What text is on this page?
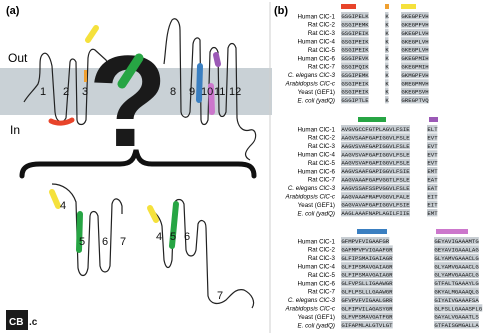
(a)
Out
In ?
1 2 3	8 9 10 11 12
4
5 6 7	4 5 6
7
CB .c
(b) Human ClC-1 GSGIPELK	K GKEGPFVH
Rat ClC-2 GSGIPEMK	K GKEGPFVH
Rat ClC-3 GSGIPEIK	K GKEGPLVH
Human ClC-4 GSGIPEIK	K GKEGPLVH
Rat ClC-5 GSGIPEIK	K GKEGPLVH
Human ClC-6 GSGIPEVK	K GKEGPMIH
Rat ClC-7 GSGIPQIK	K GKEGPMIH
C. elegans ClC-3 GSGIPEMK	K GKMGPFVH
Arabidopsis ClC-c GSGIPEIK	K GREGPMVH
Yeast (GEF1) GSGIPEIK	K GKEGPSVH
E. coli (yadQ) GSGIPTLE	K GREGPTVQ
Human ClC-1 AVGVGCCFGTPLAGVLFSIE	ELT
Rat ClC-2 AAGVSAAFGAPIGGVLFSLE	EVT
Rat ClC-3 AAGVSVAFGAPIGGVLFSLE	EVT
Human ClC-4 AAGVSVAFGAPIGGVLFSLE	EVT
Rat ClC-5 AAGVSVAFGAPIGGVLFSLE	EVT
Human ClC-6 AAGVSAAFGAPIGGVLFSIE	EMT
Rat ClC-7 AAGVAAAFGAPVGGTLFSLE	EAT
C. elegans ClC-3 AAGVSSAFSSPVGGVLFSLE	EAT
Arabidopsis ClC-c AAGVAAAFRAPVGGVLFALE	EIT
Yeast (GEF1) GAGVAVAFGAPIGGVLFSIE	EIT
E. coli (yadQ) AAGLAAAFNAPLAGILFIIE	EMT
Human ClC-1 GFMPVFVIGAAFGR	GEYAVIGAAAMTG
Rat ClC-2 GAFMPVFVIGAAFGR	GEYAVIGAAALAG
Rat ClC-3 GLFIPSMAIGAIAGR	GLYAMVGAAACLG
Human ClC-4 GLFIPSMAVGAIAGR	GLYAMVGAAACLG
Rat ClC-5 GLFIPSMAVGAIAGR	GLYAMVGAAACLG
Human ClC-6 GLFVPSLLIGAAWGR	GTFALTGAAAYLG
Rat ClC-7 GLFLPSLLLGAAWGR	GKYALMGAAAQLG
C. elegans ClC-3 GFVPVFVIGAALGRR	GIYAIVGAAAFSA
Arabidopsis ClC-c GLFIPVILAGASYGR	GLFSLLGAAASFLG
Yeast (GEF1) GLFVPSMAVGATFGR	GAYALVGAAATLS
E. coli (yadQ) GIFAPMLALGTVLGT	GTFAISGMGALLA
